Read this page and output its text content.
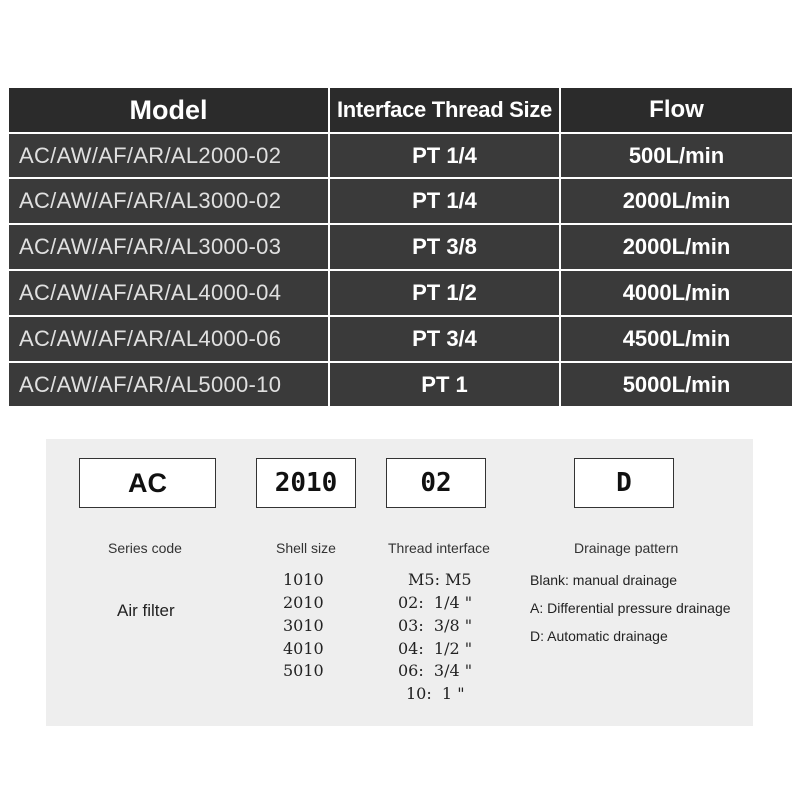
Model	Interface Thread Size	Flow
AC/AW/AF/AR/AL2000-02	PT 1/4	500L/min
AC/AW/AF/AR/AL3000-02	PT 1/4	2000L/min
AC/AW/AF/AR/AL3000-03	PT 3/8	2000L/min
AC/AW/AF/AR/AL4000-04	PT 1/2	4000L/min
AC/AW/AF/AR/AL4000-06	PT 3/4	4500L/min
AC/AW/AF/AR/AL5000-10	PT 1	5000L/min
AC	2010	02	D
Series code	Shell size	Thread interface	Drainage pattern
Air filter
1010
2010
3010
4010
5010
M5: M5
02:  1/4 "
03:  3/8 "
04:  1/2 "
06:  3/4 "
10:  1 "
Blank: manual drainage
A: Differential pressure drainage
D: Automatic drainage
